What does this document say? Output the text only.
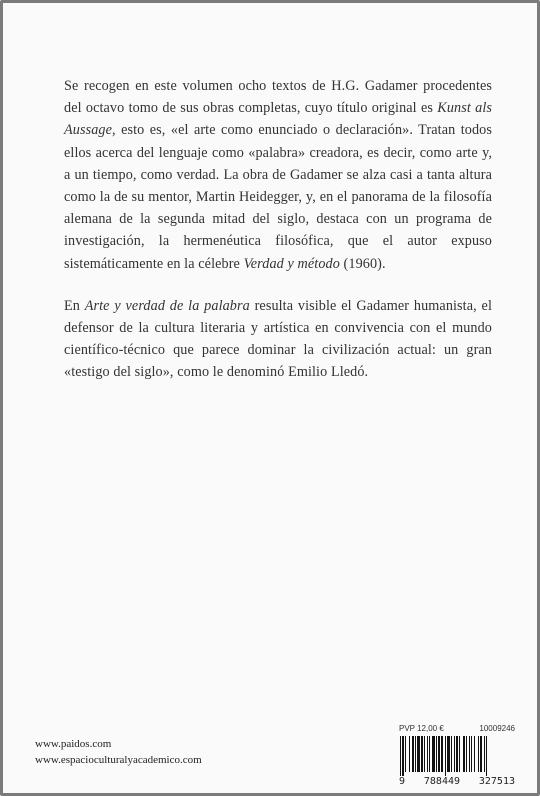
Se recogen en este volumen ocho textos de H.G. Gadamer procedentes del octavo tomo de sus obras completas, cuyo título original es Kunst als Aussage, esto es, «el arte como enunciado o declaración». Tratan todos ellos acerca del lenguaje como «palabra» creadora, es decir, como arte y, a un tiempo, como verdad. La obra de Gadamer se alza casi a tanta altura como la de su mentor, Martin Heidegger, y, en el panorama de la filosofía alemana de la segunda mitad del siglo, destaca con un programa de investigación, la hermenéutica filosófica, que el autor expuso sistemáticamente en la célebre Verdad y método (1960).

En Arte y verdad de la palabra resulta visible el Gadamer humanista, el defensor de la cultura literaria y artística en convivencia con el mundo científico-técnico que parece dominar la civilización actual: un gran «testigo del siglo», como le denominó Emilio Lledó.

www.paidos.com
www.espacioculturalyacademico.com
PVP 12,00 €	10009246
9 788449 327513
